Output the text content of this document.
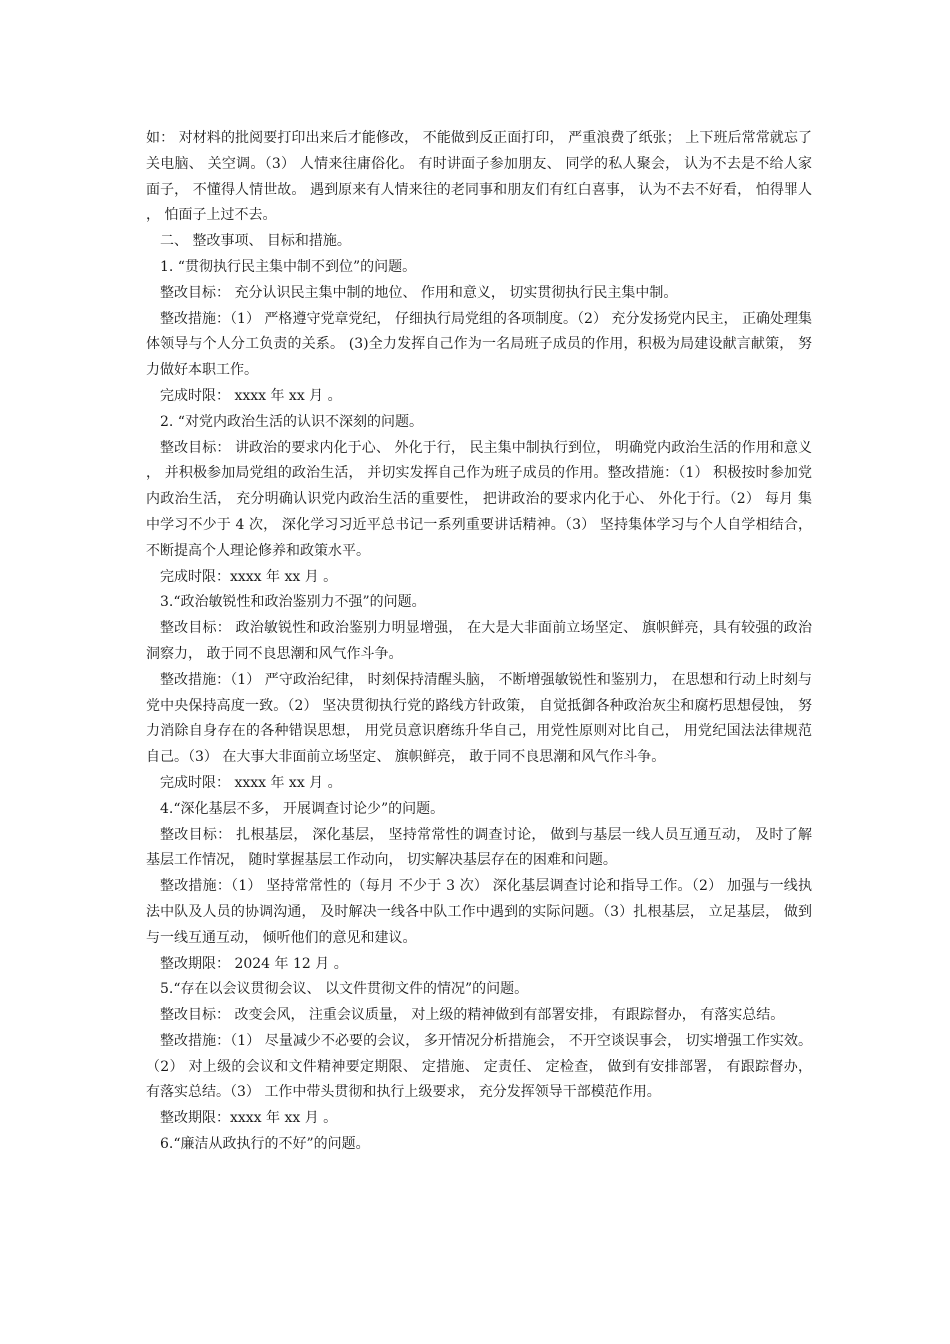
如： 对材料的批阅要打印出来后才能修改， 不能做到反正面打印， 严重浪费了纸张； 上下班后常常就忘了关电脑、 关空调。（3） 人情来往庸俗化。 有时讲面子参加朋友、 同学的私人聚会， 认为不去是不给人家面子， 不懂得人情世故。 遇到原来有人情来往的老同事和朋友们有红白喜事， 认为不去不好看， 怕得罪人， 怕面子上过不去。

二、 整改事项、 目标和措施。

1. “贯彻执行民主集中制不到位”的问题。

整改目标： 充分认识民主集中制的地位、 作用和意义， 切实贯彻执行民主集中制。

整改措施：（1） 严格遵守党章党纪， 仔细执行局党组的各项制度。（2） 充分发扬党内民主， 正确处理集体领导与个人分工负责的关系。 (3)全力发挥自己作为一名局班子成员的作用，积极为局建设献言献策， 努力做好本职工作。

完成时限： xxxx 年 xx 月 。

2. “对党内政治生活的认识不深刻的问题。

整改目标： 讲政治的要求内化于心、 外化于行， 民主集中制执行到位， 明确党内政治生活的作用和意义， 并积极参加局党组的政治生活， 并切实发挥自己作为班子成员的作用。整改措施：（1） 积极按时参加党内政治生活， 充分明确认识党内政治生活的重要性， 把讲政治的要求内化于心、 外化于行。（2） 每月 集中学习不少于 4 次， 深化学习习近平总书记一系列重要讲话精神。（3） 坚持集体学习与个人自学相结合， 不断提高个人理论修养和政策水平。

完成时限：xxxx 年 xx 月 。

3.“政治敏锐性和政治鉴别力不强”的问题。

整改目标： 政治敏锐性和政治鉴别力明显增强， 在大是大非面前立场坚定、 旗帜鲜亮，具有较强的政治洞察力， 敢于同不良思潮和风气作斗争。

整改措施：（1） 严守政治纪律， 时刻保持清醒头脑， 不断增强敏锐性和鉴别力， 在思想和行动上时刻与党中央保持高度一致。（2） 坚决贯彻执行党的路线方针政策， 自觉抵御各种政治灰尘和腐朽思想侵蚀， 努力消除自身存在的各种错误思想， 用党员意识磨练升华自己，用党性原则对比自己， 用党纪国法法律规范自己。（3） 在大事大非面前立场坚定、 旗帜鲜亮， 敢于同不良思潮和风气作斗争。

完成时限： xxxx 年 xx 月 。

4.“深化基层不多， 开展调查讨论少”的问题。

整改目标： 扎根基层， 深化基层， 坚持常常性的调查讨论， 做到与基层一线人员互通互动， 及时了解基层工作情况， 随时掌握基层工作动向， 切实解决基层存在的困难和问题。

整改措施：（1） 坚持常常性的（每月 不少于 3 次） 深化基层调查讨论和指导工作。（2） 加强与一线执法中队及人员的协调沟通， 及时解决一线各中队工作中遇到的实际问题。（3）扎根基层， 立足基层， 做到与一线互通互动， 倾听他们的意见和建议。

整改期限： 2024 年 12 月 。

5.“存在以会议贯彻会议、 以文件贯彻文件的情况”的问题。

整改目标： 改变会风， 注重会议质量， 对上级的精神做到有部署安排， 有跟踪督办， 有落实总结。

整改措施：（1） 尽量减少不必要的会议， 多开情况分析措施会， 不开空谈误事会， 切实增强工作实效。（2） 对上级的会议和文件精神要定期限、 定措施、 定责任、 定检查， 做到有安排部署， 有跟踪督办， 有落实总结。（3） 工作中带头贯彻和执行上级要求， 充分发挥领导干部模范作用。

整改期限：xxxx 年 xx 月 。

6.“廉洁从政执行的不好”的问题。
